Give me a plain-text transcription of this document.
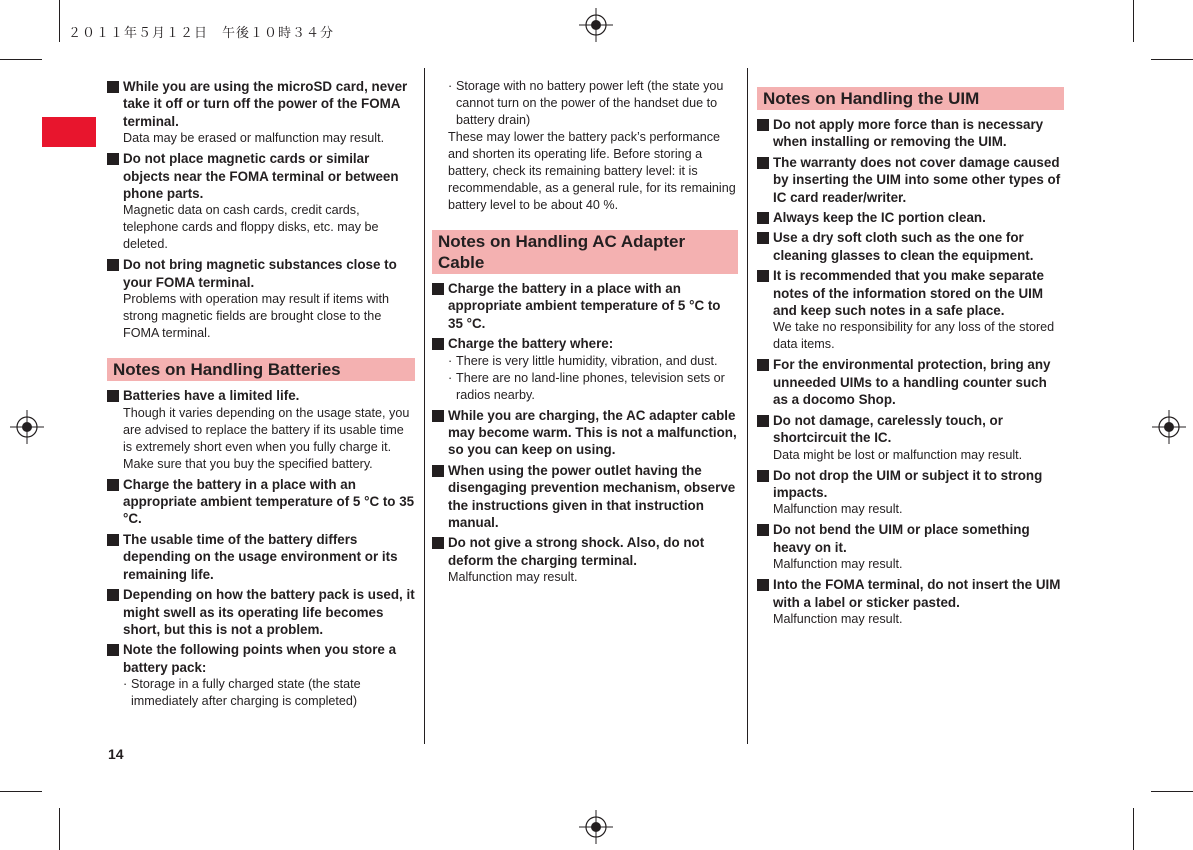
２０１１年５月１２日　午後１０時３４分
While you are using the microSD card, never take it off or turn off the power of the FOMA terminal.
Data may be erased or malfunction may result.
Do not place magnetic cards or similar objects near the FOMA terminal or between phone parts.
Magnetic data on cash cards, credit cards, telephone cards and floppy disks, etc. may be deleted.
Do not bring magnetic substances close to your FOMA terminal.
Problems with operation may result if items with strong magnetic fields are brought close to the FOMA terminal.
Notes on Handling Batteries
Batteries have a limited life.
Though it varies depending on the usage state, you are advised to replace the battery if its usable time is extremely short even when you fully charge it. Make sure that you buy the specified battery.
Charge the battery in a place with an appropriate ambient temperature of 5 °C to 35 °C.
The usable time of the battery differs depending on the usage environment or its remaining life.
Depending on how the battery pack is used, it might swell as its operating life becomes short, but this is not a problem.
Note the following points when you store a battery pack:
· Storage in a fully charged state (the state immediately after charging is completed)
· Storage with no battery power left (the state you cannot turn on the power of the handset due to battery drain)
These may lower the battery pack’s performance and shorten its operating life. Before storing a battery, check its remaining battery level: it is recommendable, as a general rule, for its remaining battery level to be about 40 %.
Notes on Handling AC Adapter Cable
Charge the battery in a place with an appropriate ambient temperature of 5 °C to 35 °C.
Charge the battery where:
· There is very little humidity, vibration, and dust.
· There are no land-line phones, television sets or radios nearby.
While you are charging, the AC adapter cable may become warm. This is not a malfunction, so you can keep on using.
When using the power outlet having the disengaging prevention mechanism, observe the instructions given in that instruction manual.
Do not give a strong shock. Also, do not deform the charging terminal.
Malfunction may result.
Notes on Handling the UIM
Do not apply more force than is necessary when installing or removing the UIM.
The warranty does not cover damage caused by inserting the UIM into some other types of IC card reader/writer.
Always keep the IC portion clean.
Use a dry soft cloth such as the one for cleaning glasses to clean the equipment.
It is recommended that you make separate notes of the information stored on the UIM and keep such notes in a safe place.
We take no responsibility for any loss of the stored data items.
For the environmental protection, bring any unneeded UIMs to a handling counter such as a docomo Shop.
Do not damage, carelessly touch, or shortcircuit the IC.
Data might be lost or malfunction may result.
Do not drop the UIM or subject it to strong impacts.
Malfunction may result.
Do not bend the UIM or place something heavy on it.
Malfunction may result.
Into the FOMA terminal, do not insert the UIM with a label or sticker pasted.
Malfunction may result.
14
